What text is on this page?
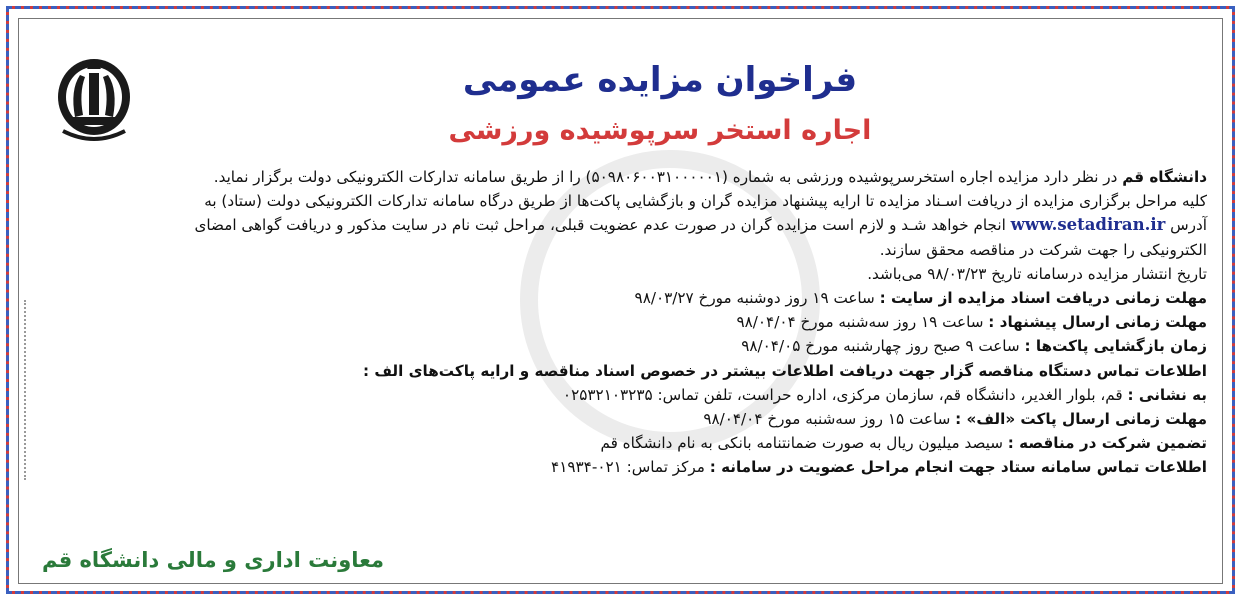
فراخوان مزایده عمومی
اجاره استخر سرپوشیده ورزشی

دانشگاه قم در نظر دارد مزایده اجاره استخرسرپوشیده ورزشی به شماره (۵۰۹۸۰۶۰۰۳۱۰۰۰۰۰۱) را از طریق سامانه تدارکات الکترونیکی دولت برگزار نماید.

کلیه مراحل برگزاری مزایده از دریافت اسـناد مزایده تا ارایه پیشنهاد مزایده گران و بازگشایی پاکت‌ها از طریق درگاه سامانه تدارکات الکترونیکی دولت (ستاد) به

آدرس www.setadiran.ir انجام خواهد شـد و لازم است مزایده گران در صورت عدم عضویت قبلی، مراحل ثبت نام در سایت مذکور و دریافت گواهی امضای

الکترونیکی را جهت شرکت در مناقصه محقق سازند.

تاریخ انتشار مزایده درسامانه تاریخ ۹۸/۰۳/۲۳ می‌باشد.

مهلت زمانی دریافت اسناد مزایده از سایت : ساعت ۱۹ روز دوشنبه مورخ ۹۸/۰۳/۲۷

مهلت زمانی ارسال پیشنهاد : ساعت ۱۹ روز سه‌شنبه مورخ ۹۸/۰۴/۰۴

زمان بازگشایی پاکت‌ها : ساعت ۹ صبح روز چهارشنبه مورخ ۹۸/۰۴/۰۵

اطلاعات تماس دستگاه مناقصه گزار جهت دریافت اطلاعات بیشتر در خصوص اسناد مناقصه و ارایه پاکت‌های الف :

به نشانی : قم، بلوار الغدیر، دانشگاه قم، سازمان مرکزی، اداره حراست، تلفن تماس: ۰۲۵۳۲۱۰۳۲۳۵

مهلت زمانی ارسال پاکت «الف» : ساعت ۱۵ روز سه‌شنبه مورخ ۹۸/۰۴/۰۴

تضمین شرکت در مناقصه : سیصد میلیون ریال به صورت ضمانتنامه بانکی به نام دانشگاه قم

اطلاعات تماس سامانه ستاد جهت انجام مراحل عضویت در سامانه : مرکز تماس: ۰۲۱-۴۱۹۳۴

معاونت اداری و مالی دانشگاه قم
